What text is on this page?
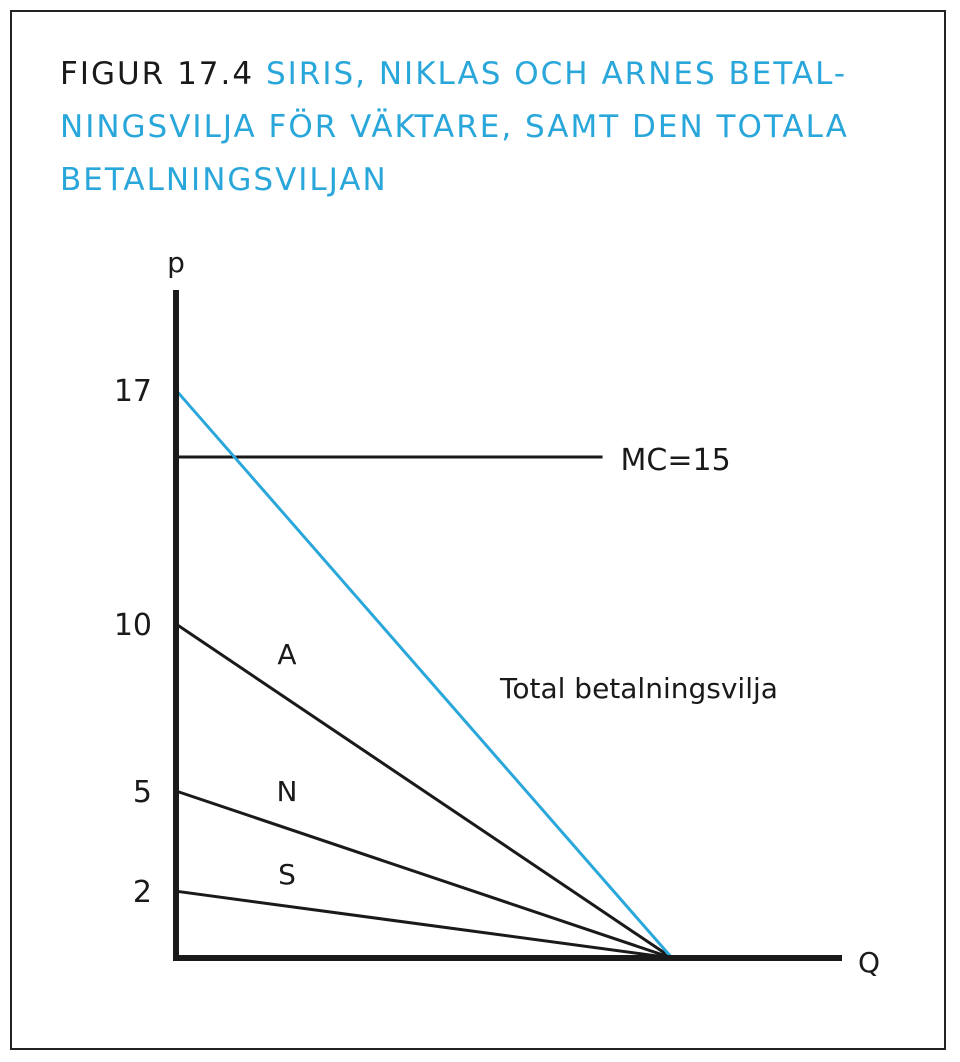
FIGUR 17.4 SIRIS, NIKLAS OCH ARNES BETAL-NINGSVILJA FÖR VÄKTARE, SAMT DEN TOTALA BETALNINGSVILJAN
MC=15
p
Q
17
10
5
2
A
N
S
Total betalningsvilja
